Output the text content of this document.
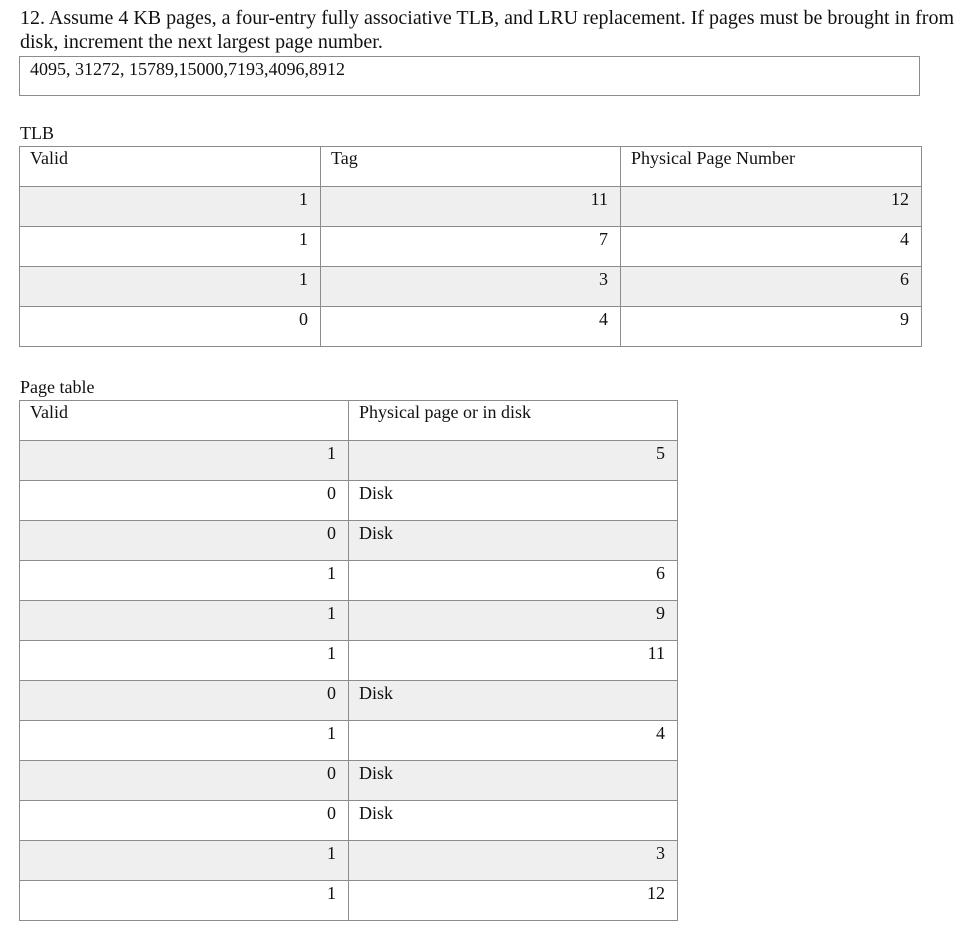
12. Assume 4 KB pages, a four-entry fully associative TLB, and LRU replacement. If pages must be brought in from disk, increment the next largest page number.

4095, 31272, 15789,15000,7193,4096,8912

TLB

Valid	Tag	Physical Page Number
1	11	12
1	7	4
1	3	6
0	4	9

Page table

Valid	Physical page or in disk
1	5
0	Disk
0	Disk
1	6
1	9
1	11
0	Disk
1	4
0	Disk
0	Disk
1	3
1	12
